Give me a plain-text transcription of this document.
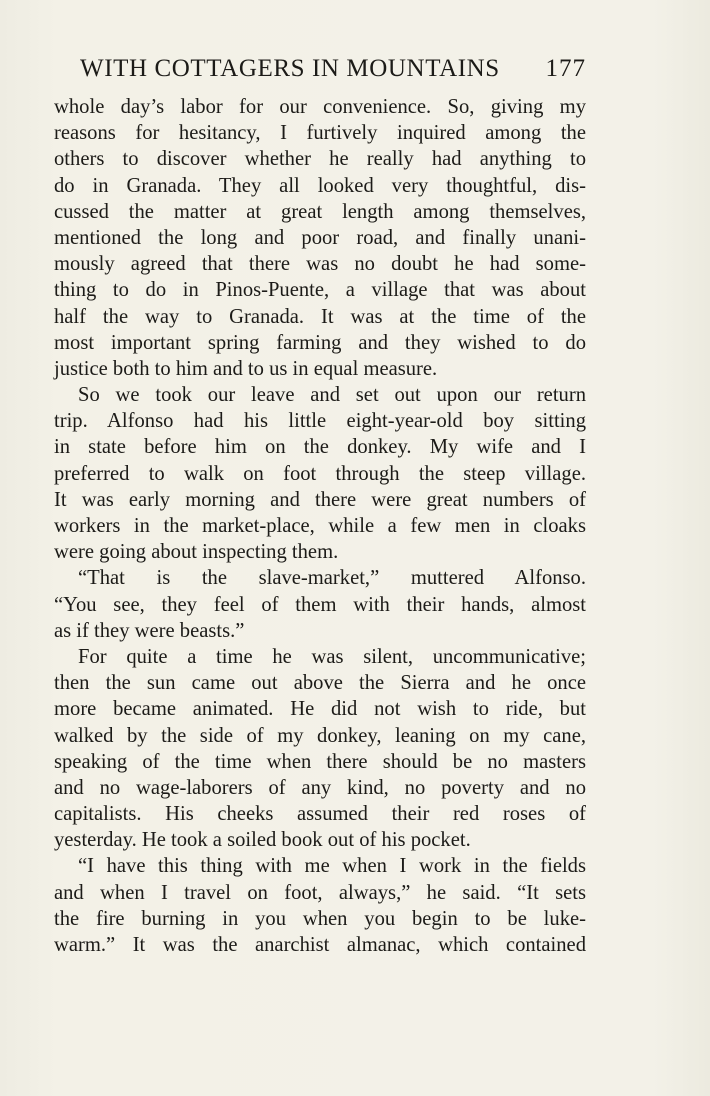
WITH COTTAGERS IN MOUNTAINS 177
whole day’s labor for our convenience. So, giving my
reasons for hesitancy, I furtively inquired among the
others to discover whether he really had anything to
do in Granada. They all looked very thoughtful, dis-
cussed the matter at great length among themselves,
mentioned the long and poor road, and finally unani-
mously agreed that there was no doubt he had some-
thing to do in Pinos-Puente, a village that was about
half the way to Granada. It was at the time of the
most important spring farming and they wished to do
justice both to him and to us in equal measure.
So we took our leave and set out upon our return
trip. Alfonso had his little eight-year-old boy sitting
in state before him on the donkey. My wife and I
preferred to walk on foot through the steep village.
It was early morning and there were great numbers of
workers in the market-place, while a few men in cloaks
were going about inspecting them.
“That is the slave-market,” muttered Alfonso.
“You see, they feel of them with their hands, almost
as if they were beasts.”
For quite a time he was silent, uncommunicative;
then the sun came out above the Sierra and he once
more became animated. He did not wish to ride, but
walked by the side of my donkey, leaning on my cane,
speaking of the time when there should be no masters
and no wage-laborers of any kind, no poverty and no
capitalists. His cheeks assumed their red roses of
yesterday. He took a soiled book out of his pocket.
“I have this thing with me when I work in the fields
and when I travel on foot, always,” he said. “It sets
the fire burning in you when you begin to be luke-
warm.” It was the anarchist almanac, which contained
